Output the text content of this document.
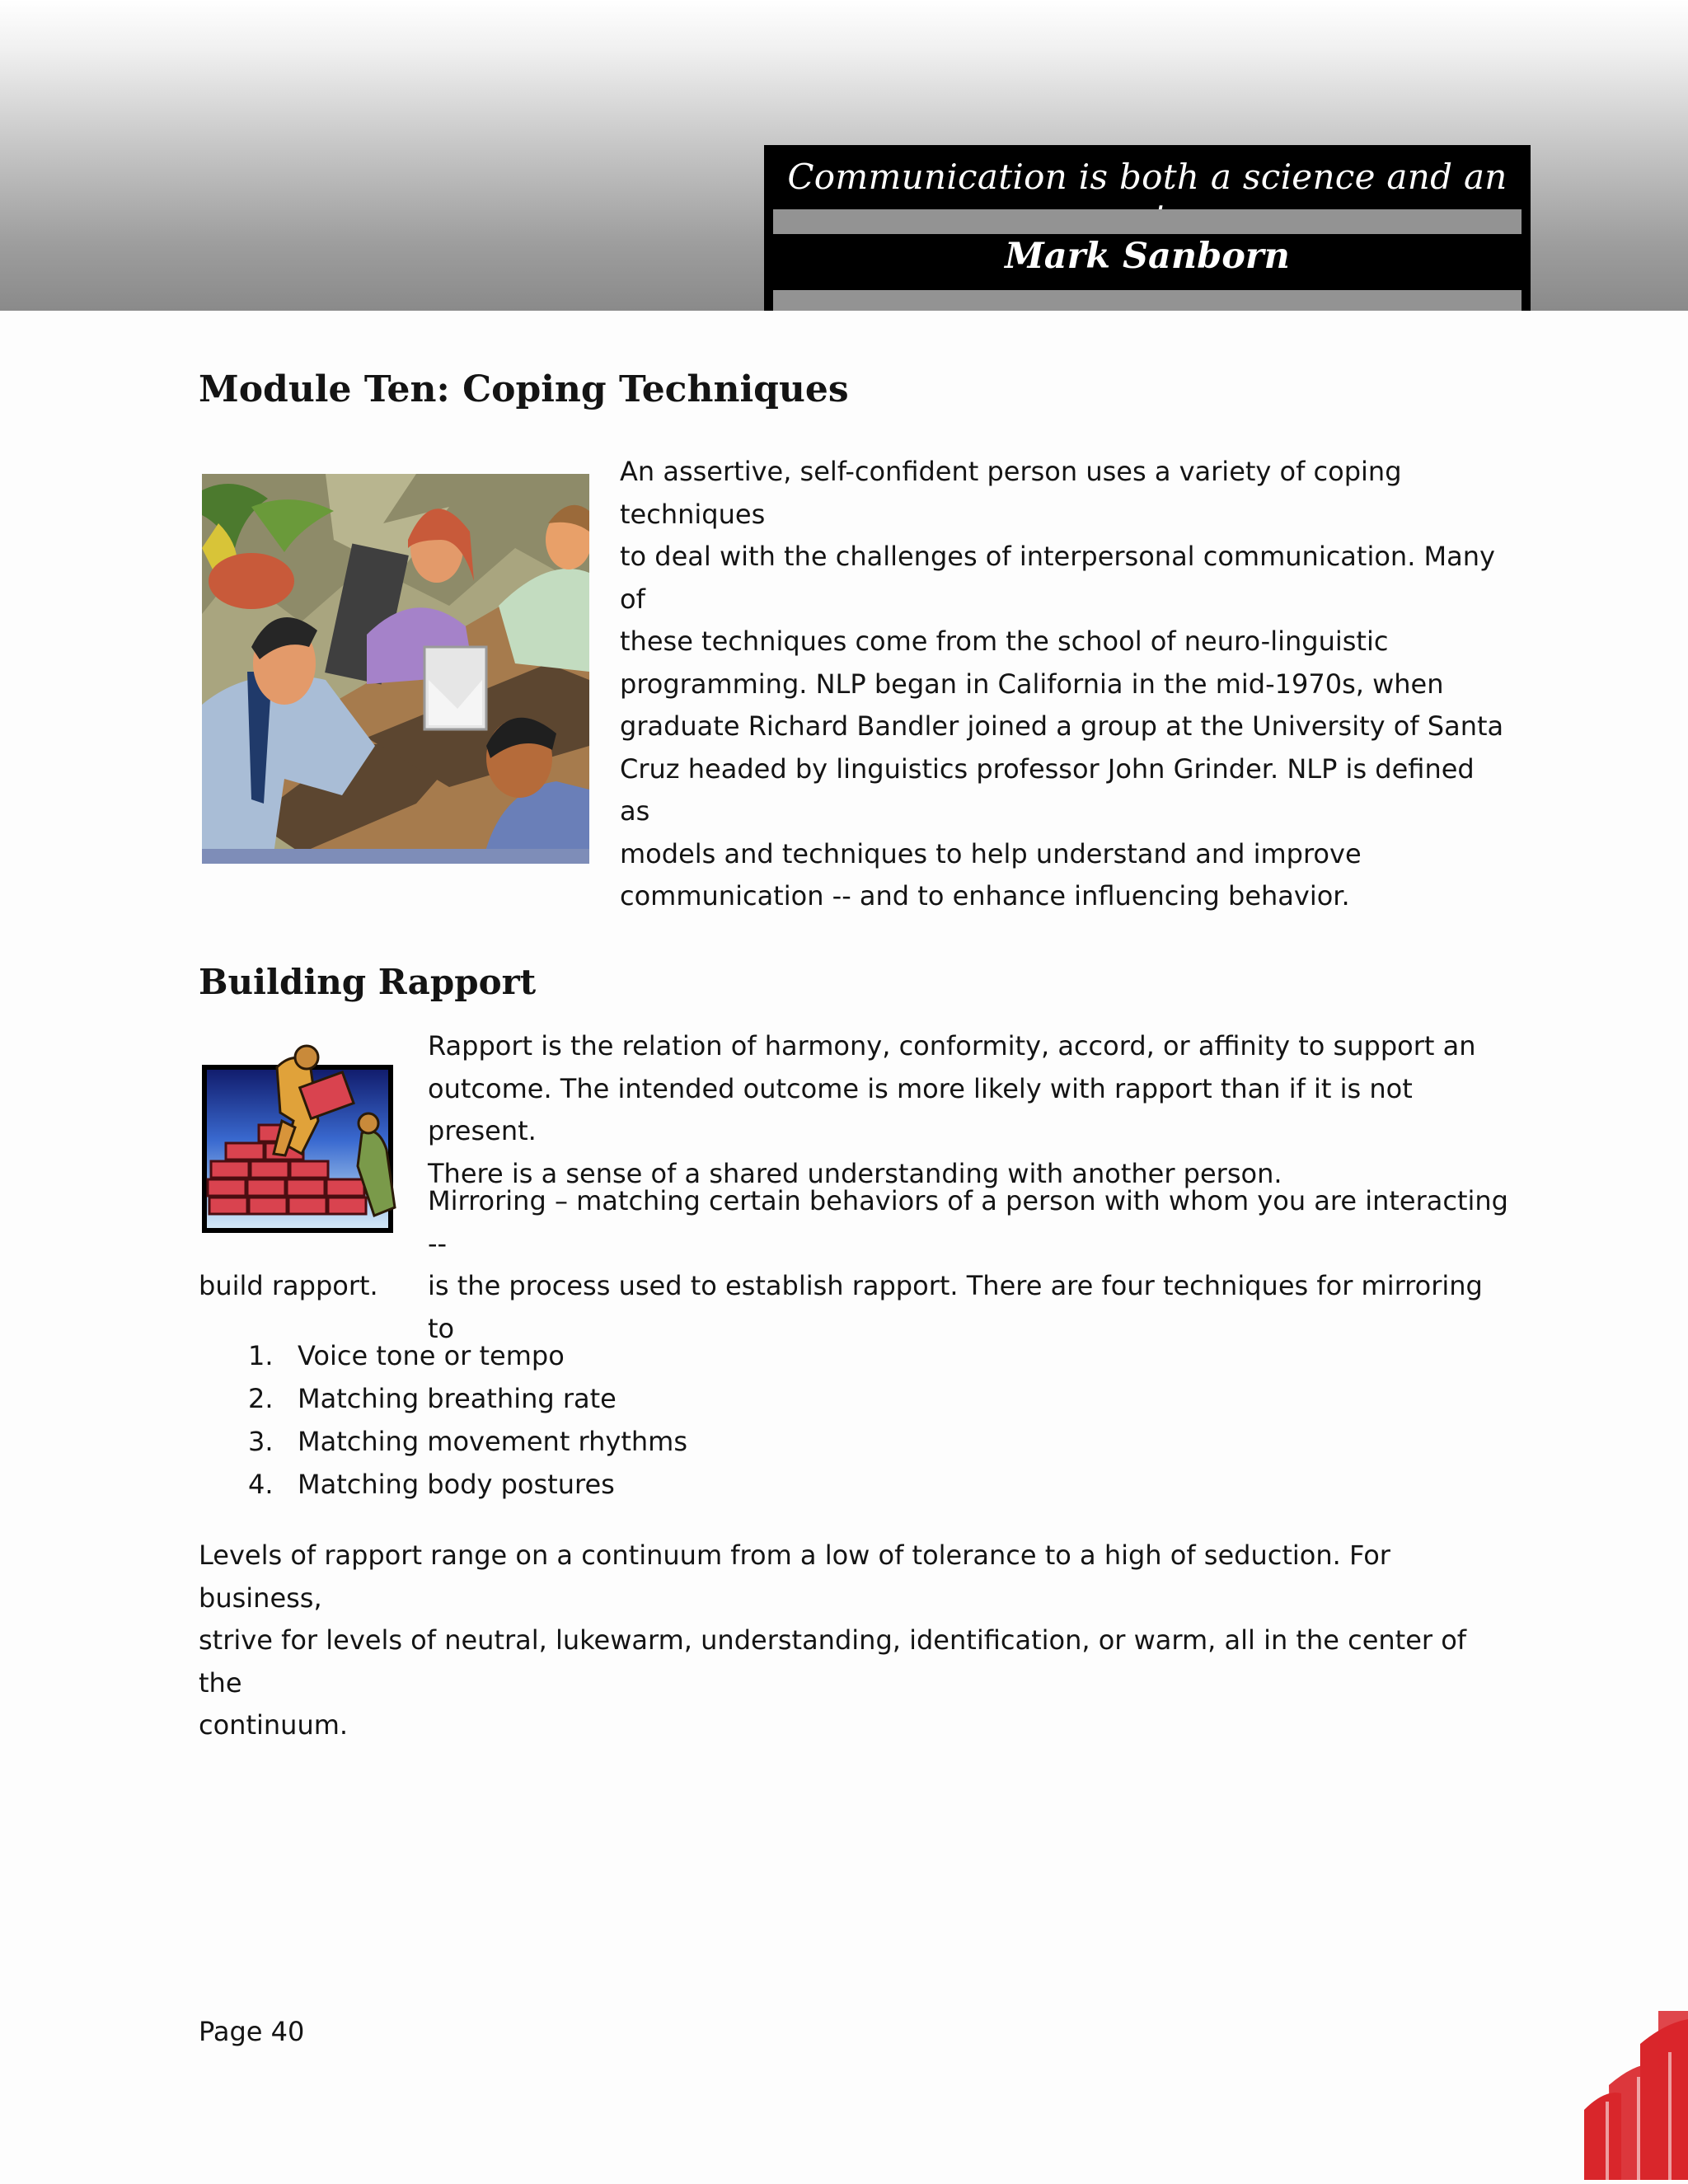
Communication is both a science and an
Mark Sanborn
Module Ten: Coping Techniques

An assertive, self-confident person uses a variety of coping techniques
to deal with the challenges of interpersonal communication. Many of
these techniques come from the school of neuro-linguistic
programming. NLP began in California in the mid-1970s, when
graduate Richard Bandler joined a group at the University of Santa
Cruz headed by linguistics professor John Grinder. NLP is defined as
models and techniques to help understand and improve
communication -- and to enhance influencing behavior.

Building Rapport

Rapport is the relation of harmony, conformity, accord, or affinity to support an
outcome. The intended outcome is more likely with rapport than if it is not present.
There is a sense of a shared understanding with another person.

Mirroring – matching certain behaviors of a person with whom you are interacting --
is the process used to establish rapport. There are four techniques for mirroring to

build rapport.

1. Voice tone or tempo
2. Matching breathing rate
3. Matching movement rhythms
4. Matching body postures

Levels of rapport range on a continuum from a low of tolerance to a high of seduction. For business,
strive for levels of neutral, lukewarm, understanding, identification, or warm, all in the center of the
continuum.

Page 40
